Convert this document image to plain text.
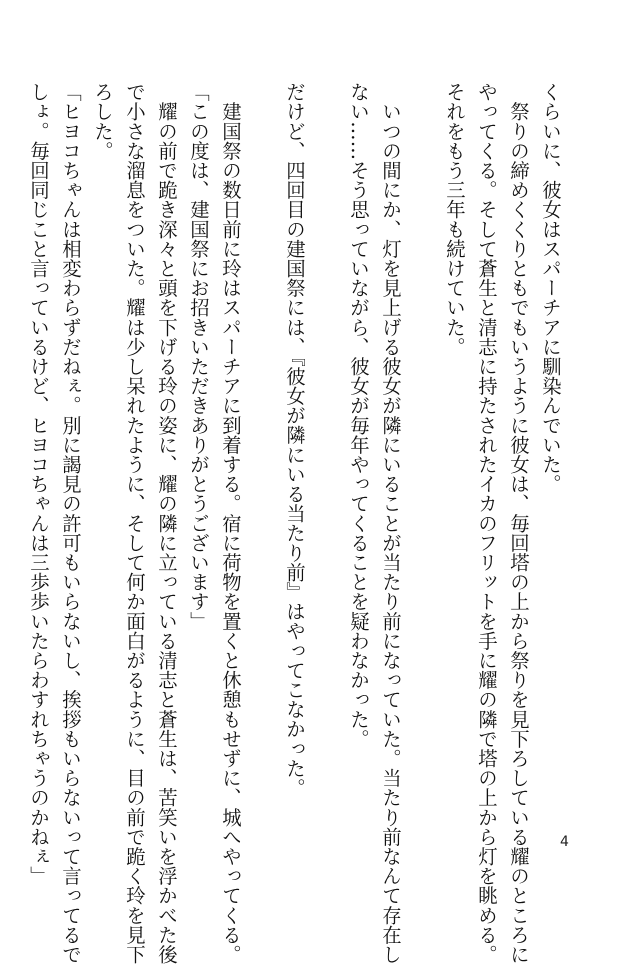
くらいに、彼女はスパーチアに馴染んでいた。

　祭りの締めくくりともでもいうように彼女は、毎回塔の上から祭りを見下ろしている耀のところに

やってくる。そして蒼生と清志に持たされたイカのフリットを手に耀の隣で塔の上から灯を眺める。

それをもう三年も続けていた。

　いつの間にか、灯を見上げる彼女が隣にいることが当たり前になっていた。当たり前なんて存在し

ない……そう思っていながら、彼女が毎年やってくることを疑わなかった。

だけど、四回目の建国祭には、『彼女が隣にいる当たり前』はやってこなかった。

　建国祭の数日前に玲はスパーチアに到着する。宿に荷物を置くと休憩もせずに、城へやってくる。

「この度は、建国祭にお招きいただきありがとうございます」

　耀の前で跪き深々と頭を下げる玲の姿に、耀の隣に立っている清志と蒼生は、苦笑いを浮かべた後

で小さな溜息をついた。耀は少し呆れたように、そして何か面白がるように、目の前で跪く玲を見下

ろした。

「ヒヨコちゃんは相変わらずだねぇ。別に謁見の許可もいらないし、挨拶もいらないって言ってるで

しょ。毎回同じこと言っているけど、ヒヨコちゃんは三歩歩いたらわすれちゃうのかねぇ」	4
